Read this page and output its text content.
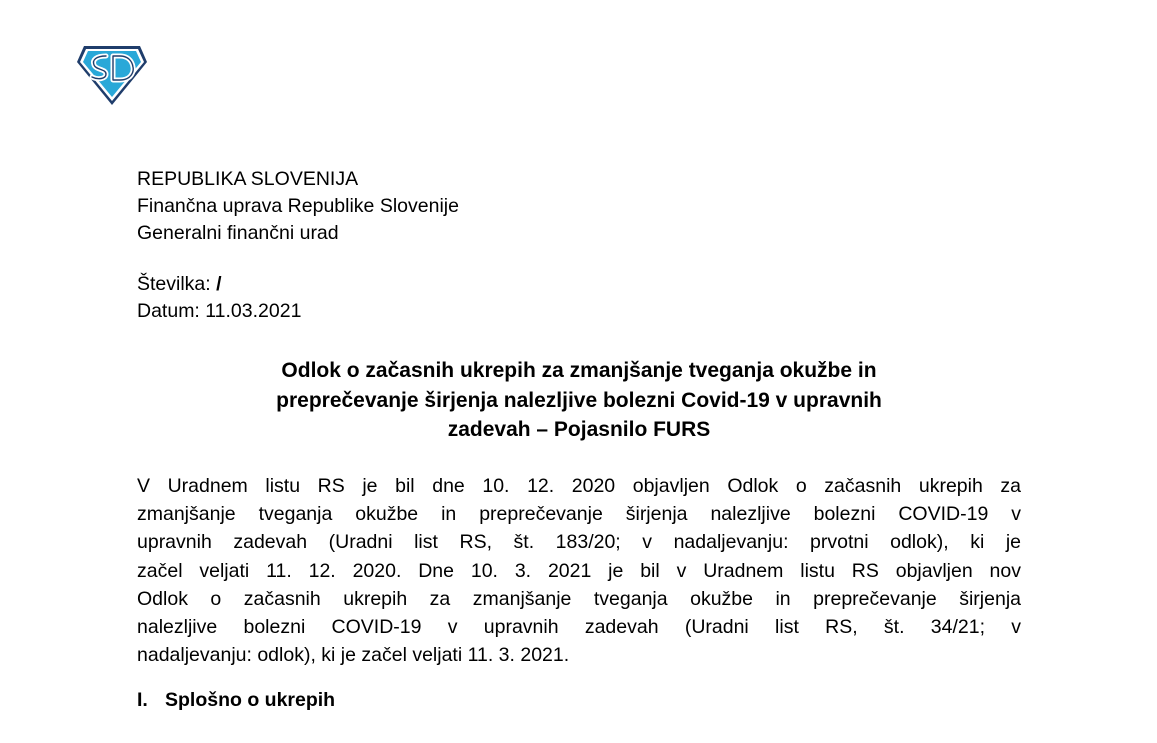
REPUBLIKA SLOVENIJA
Finančna uprava Republike Slovenije
Generalni finančni urad
Številka: /
Datum: 11.03.2021
Odlok o začasnih ukrepih za zmanjšanje tveganja okužbe in
preprečevanje širjenja nalezljive bolezni Covid-19 v upravnih
zadevah – Pojasnilo FURS
V Uradnem listu RS je bil dne 10. 12. 2020 objavljen Odlok o začasnih ukrepih za
zmanjšanje tveganja okužbe in preprečevanje širjenja nalezljive bolezni COVID-19 v
upravnih zadevah (Uradni list RS, št. 183/20; v nadaljevanju: prvotni odlok), ki je
začel veljati 11. 12. 2020. Dne 10. 3. 2021 je bil v Uradnem listu RS objavljen nov
Odlok o začasnih ukrepih za zmanjšanje tveganja okužbe in preprečevanje širjenja
nalezljive bolezni COVID-19 v upravnih zadevah (Uradni list RS, št. 34/21; v
nadaljevanju: odlok), ki je začel veljati 11. 3. 2021.
I. Splošno o ukrepih
